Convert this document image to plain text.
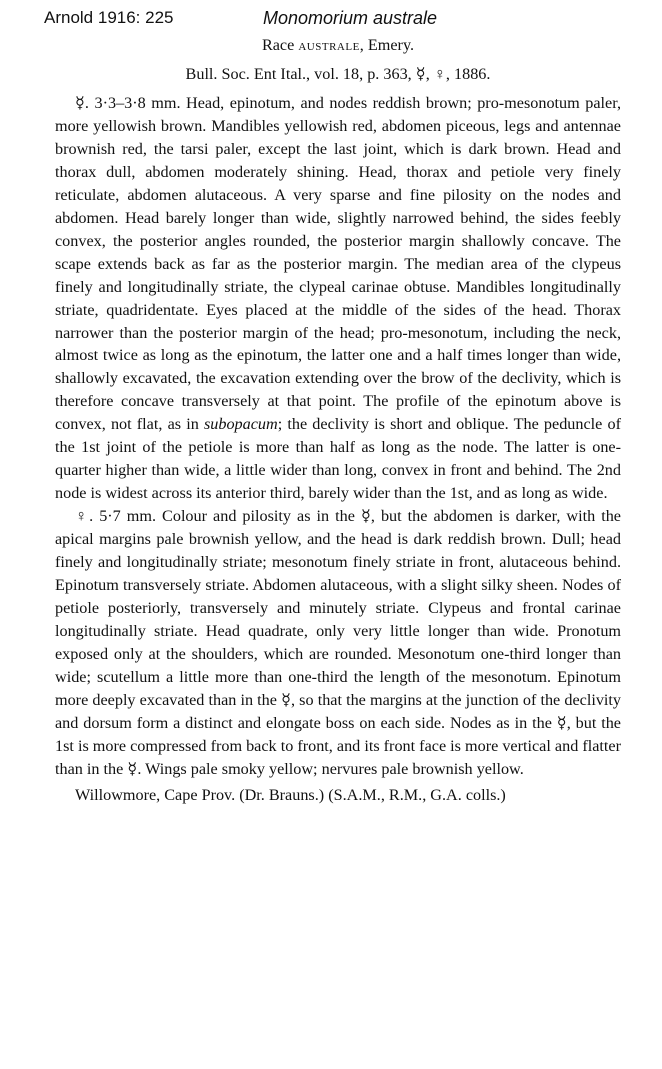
Arnold 1916: 225	Monomorium australe

Race australe, Emery.

Bull. Soc. Ent Ital., vol. 18, p. 363, ☿, ♀, 1886.

☿. 3·3–3·8 mm. Head, epinotum, and nodes reddish brown; pro-mesonotum paler, more yellowish brown. Mandibles yellowish red, abdomen piceous, legs and antennae brownish red, the tarsi paler, except the last joint, which is dark brown. Head and thorax dull, abdomen moderately shining. Head, thorax and petiole very finely reticulate, abdomen alutaceous. A very sparse and fine pilosity on the nodes and abdomen. Head barely longer than wide, slightly narrowed behind, the sides feebly convex, the posterior angles rounded, the posterior margin shallowly concave. The scape extends back as far as the posterior margin. The median area of the clypeus finely and longitudinally striate, the clypeal carinae obtuse. Mandibles longitudinally striate, quadridentate. Eyes placed at the middle of the sides of the head. Thorax narrower than the posterior margin of the head; pro-mesonotum, including the neck, almost twice as long as the epinotum, the latter one and a half times longer than wide, shallowly excavated, the excavation extending over the brow of the declivity, which is therefore concave transversely at that point. The profile of the epinotum above is convex, not flat, as in subopacum; the declivity is short and oblique. The peduncle of the 1st joint of the petiole is more than half as long as the node. The latter is one-quarter higher than wide, a little wider than long, convex in front and behind. The 2nd node is widest across its anterior third, barely wider than the 1st, and as long as wide.

♀. 5·7 mm. Colour and pilosity as in the ☿, but the abdomen is darker, with the apical margins pale brownish yellow, and the head is dark reddish brown. Dull; head finely and longitudinally striate; mesonotum finely striate in front, alutaceous behind. Epinotum transversely striate. Abdomen alutaceous, with a slight silky sheen. Nodes of petiole posteriorly, transversely and minutely striate. Clypeus and frontal carinae longitudinally striate. Head quadrate, only very little longer than wide. Pronotum exposed only at the shoulders, which are rounded. Mesonotum one-third longer than wide; scutellum a little more than one-third the length of the mesonotum. Epinotum more deeply excavated than in the ☿, so that the margins at the junction of the declivity and dorsum form a distinct and elongate boss on each side. Nodes as in the ☿, but the 1st is more compressed from back to front, and its front face is more vertical and flatter than in the ☿. Wings pale smoky yellow; nervures pale brownish yellow.

Willowmore, Cape Prov. (Dr. Brauns.) (S.A.M., R.M., G.A. colls.)
